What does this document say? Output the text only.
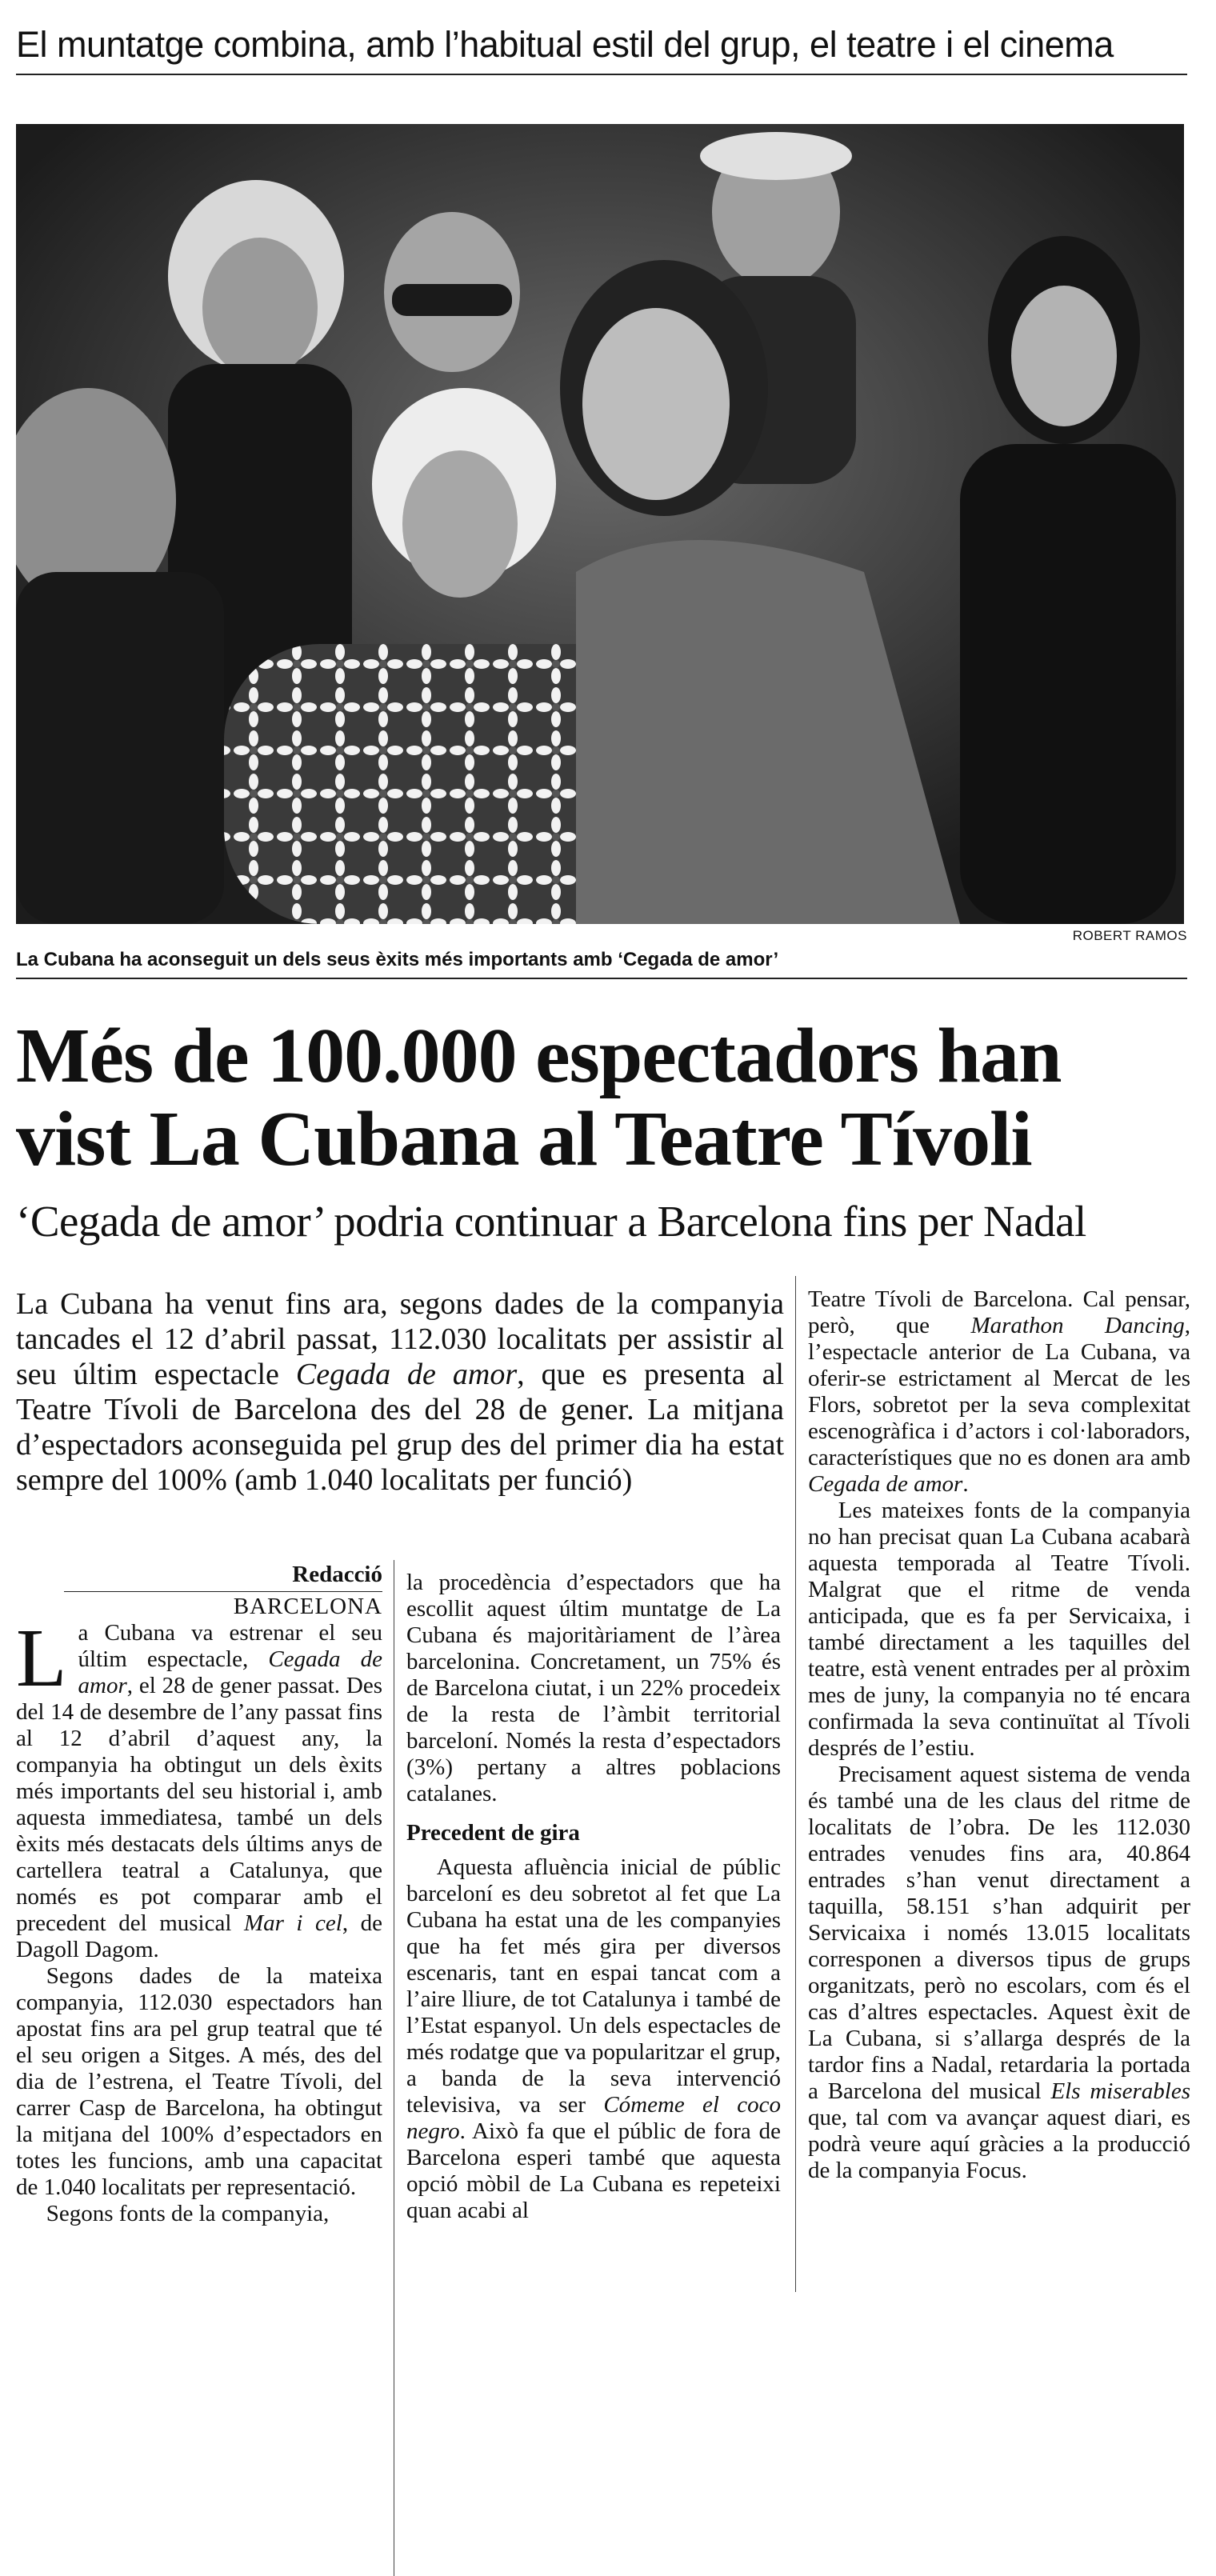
El muntatge combina, amb l’habitual estil del grup, el teatre i el cinema
ROBERT RAMOS
La Cubana ha aconseguit un dels seus èxits més importants amb ‘Cegada de amor’
Més de 100.000 espectadors han
vist La Cubana al Teatre Tívoli
‘Cegada de amor’ podria continuar a Barcelona fins per Nadal
La Cubana ha venut fins ara, segons dades de la companyia tancades el 12 d’abril passat, 112.030 localitats per assistir al seu últim espectacle Cegada de amor, que es presenta al Teatre Tívoli de Barcelona des del 28 de gener. La mitjana d’espectadors aconseguida pel grup des del primer dia ha estat sempre del 100% (amb 1.040 localitats per funció)

Redacció

BARCELONA

La Cubana va estrenar el seu últim espectacle, Cegada de amor, el 28 de gener passat. Des del 14 de desembre de l’any passat fins al 12 d’abril d’aquest any, la companyia ha obtingut un dels èxits més importants del seu historial i, amb aquesta immediatesa, també un dels èxits més destacats dels últims anys de cartellera teatral a Catalunya, que només es pot comparar amb el precedent del musical Mar i cel, de Dagoll Dagom.

Segons dades de la mateixa companyia, 112.030 espectadors han apostat fins ara pel grup teatral que té el seu origen a Sitges. A més, des del dia de l’estrena, el Teatre Tívoli, del carrer Casp de Barcelona, ha obtingut la mitjana del 100% d’espectadors en totes les funcions, amb una capacitat de 1.040 localitats per representació.

Segons fonts de la companyia,

la procedència d’espectadors que ha escollit aquest últim muntatge de La Cubana és majoritàriament de l’àrea barcelonina. Concretament, un 75% és de Barcelona ciutat, i un 22% procedeix de la resta de l’àmbit territorial barceloní. Només la resta d’espectadors (3%) pertany a altres poblacions catalanes.

Precedent de gira

Aquesta afluència inicial de públic barceloní es deu sobretot al fet que La Cubana ha estat una de les companyies que ha fet més gira per diversos escenaris, tant en espai tancat com a l’aire lliure, de tot Catalunya i també de l’Estat espanyol. Un dels espectacles de més rodatge que va popularitzar el grup, a banda de la seva intervenció televisiva, va ser Cómeme el coco negro. Això fa que el públic de fora de Barcelona esperi també que aquesta opció mòbil de La Cubana es repeteixi quan acabi al

Teatre Tívoli de Barcelona. Cal pensar, però, que Marathon Dancing, l’espectacle anterior de La Cubana, va oferir-se estrictament al Mercat de les Flors, sobretot per la seva complexitat escenogràfica i d’actors i col·laboradors, característiques que no es donen ara amb Cegada de amor.

Les mateixes fonts de la companyia no han precisat quan La Cubana acabarà aquesta temporada al Teatre Tívoli. Malgrat que el ritme de venda anticipada, que es fa per Servicaixa, i també directament a les taquilles del teatre, està venent entrades per al pròxim mes de juny, la companyia no té encara confirmada la seva continuïtat al Tívoli després de l’estiu.

Precisament aquest sistema de venda és també una de les claus del ritme de localitats de l’obra. De les 112.030 entrades venudes fins ara, 40.864 entrades s’han venut directament a taquilla, 58.151 s’han adquirit per Servicaixa i només 13.015 localitats corresponen a diversos tipus de grups organitzats, però no escolars, com és el cas d’altres espectacles. Aquest èxit de La Cubana, si s’allarga després de la tardor fins a Nadal, retardaria la portada a Barcelona del musical Els miserables que, tal com va avançar aquest diari, es podrà veure aquí gràcies a la producció de la companyia Focus.
